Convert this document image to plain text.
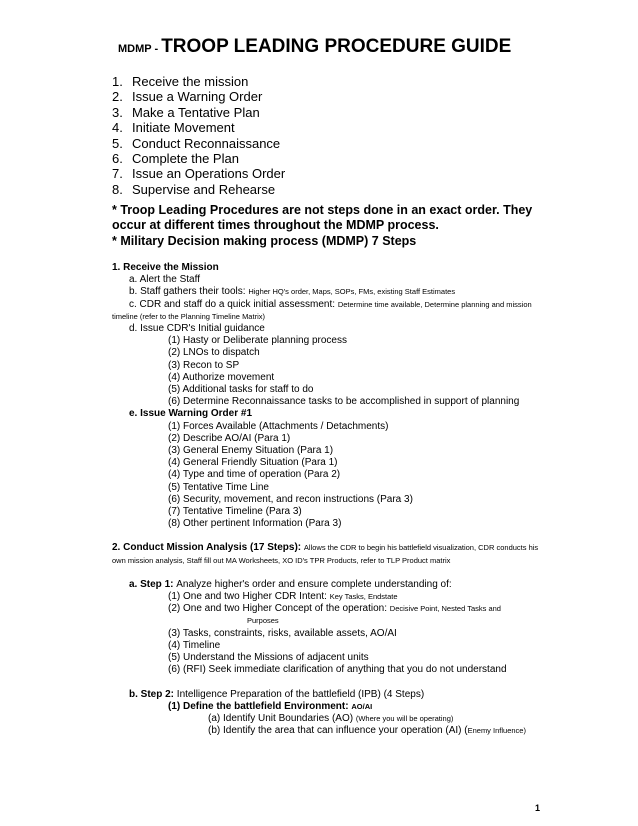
MDMP - TROOP LEADING PROCEDURE GUIDE
1. Receive the mission
2. Issue a Warning Order
3. Make a Tentative Plan
4. Initiate Movement
5. Conduct Reconnaissance
6. Complete the Plan
7. Issue an Operations Order
8. Supervise and Rehearse
* Troop Leading Procedures are not steps done in an exact order. They occur at different times throughout the MDMP process.
* Military Decision making process (MDMP) 7 Steps
1. Receive the Mission
a. Alert the Staff
b. Staff gathers their tools: Higher HQ's order, Maps, SOPs, FMs, existing Staff Estimates
c. CDR and staff do a quick initial assessment: Determine time available, Determine planning and mission timeline (refer to the Planning Timeline Matrix)
d. Issue CDR's Initial guidance
(1) Hasty or Deliberate planning process
(2) LNOs to dispatch
(3) Recon to SP
(4) Authorize movement
(5) Additional tasks for staff to do
(6) Determine Reconnaissance tasks to be accomplished in support of planning
e. Issue Warning Order #1
(1) Forces Available (Attachments / Detachments)
(2) Describe AO/AI (Para 1)
(3) General Enemy Situation (Para 1)
(4) General Friendly Situation (Para 1)
(4) Type and time of operation (Para 2)
(5) Tentative Time Line
(6) Security, movement, and recon instructions (Para 3)
(7) Tentative Timeline (Para 3)
(8) Other pertinent Information (Para 3)
2. Conduct Mission Analysis (17 Steps): Allows the CDR to begin his battlefield visualization, CDR conducts his own mission analysis, Staff fill out MA Worksheets, XO ID's TPR Products, refer to TLP Product matrix
a. Step 1: Analyze higher's order and ensure complete understanding of:
(1) One and two Higher CDR Intent: Key Tasks, Endstate
(2) One and two Higher Concept of the operation: Decisive Point, Nested Tasks and
Purposes
(3) Tasks, constraints, risks, available assets, AO/AI
(4) Timeline
(5) Understand the Missions of adjacent units
(6) (RFI) Seek immediate clarification of anything that you do not understand
b. Step 2: Intelligence Preparation of the battlefield (IPB) (4 Steps)
(1) Define the battlefield Environment: AO/AI
(a) Identify Unit Boundaries (AO) (Where you will be operating)
(b) Identify the area that can influence your operation (AI) (Enemy Influence)
1
